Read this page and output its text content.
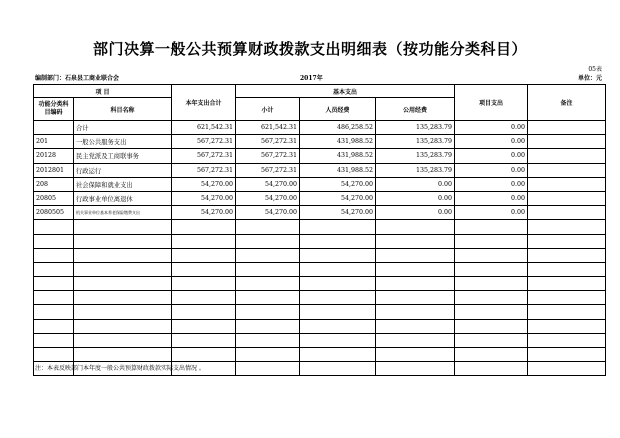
部门决算一般公共预算财政拨款支出明细表（按功能分类科目）
05表
编制部门：石泉县工商业联合会	2017年	单位：元
项 目		本年支出合计	基本支出			项目支出	备注
功能分类科目编码	科目名称		小计	人员经费	公用经费		
	合计	621,542.31	621,542.31	486,258.52	135,283.79	0.00	
201	一般公共服务支出	567,272.31	567,272.31	431,988.52	135,283.79	0.00	
20128	民主党派及工商联事务	567,272.31	567,272.31	431,988.52	135,283.79	0.00	
2012801	行政运行	567,272.31	567,272.31	431,988.52	135,283.79	0.00	
208	社会保障和就业支出	54,270.00	54,270.00	54,270.00	0.00	0.00	
20805	行政事业单位离退休	54,270.00	54,270.00	54,270.00	0.00	0.00	
2080505	机关事业单位基本养老保险缴费支出	54,270.00	54,270.00	54,270.00	0.00	0.00	

注：本表反映部门本年度一般公共预算财政拨款实际支出情况 。
